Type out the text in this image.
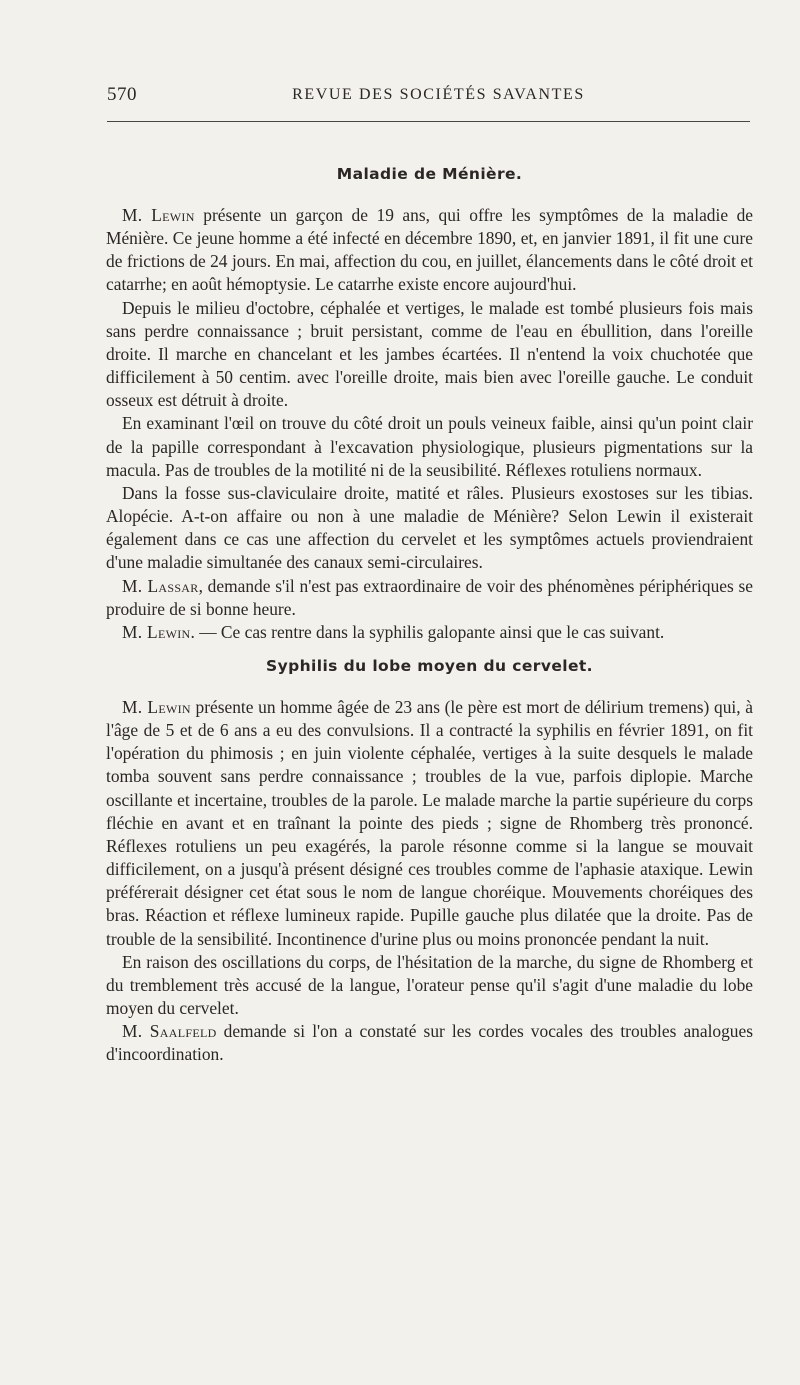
570	REVUE DES SOCIÉTÉS SAVANTES
Maladie de Ménière.

M. Lewin présente un garçon de 19 ans, qui offre les symptômes de la maladie de Ménière. Ce jeune homme a été infecté en décembre 1890, et, en janvier 1891, il fit une cure de frictions de 24 jours. En mai, affection du cou, en juillet, élancements dans le côté droit et catarrhe; en août hémoptysie. Le catarrhe existe encore aujourd'hui.

Depuis le milieu d'octobre, céphalée et vertiges, le malade est tombé plusieurs fois mais sans perdre connaissance ; bruit persistant, comme de l'eau en ébullition, dans l'oreille droite. Il marche en chancelant et les jambes écartées. Il n'entend la voix chuchotée que difficilement à 50 centim. avec l'oreille droite, mais bien avec l'oreille gauche. Le conduit osseux est détruit à droite.

En examinant l'œil on trouve du côté droit un pouls veineux faible, ainsi qu'un point clair de la papille correspondant à l'excavation physiologique, plusieurs pigmentations sur la macula. Pas de troubles de la motilité ni de la seusibilité. Réflexes rotuliens normaux.

Dans la fosse sus-claviculaire droite, matité et râles. Plusieurs exostoses sur les tibias. Alopécie. A-t-on affaire ou non à une maladie de Ménière? Selon Lewin il existerait également dans ce cas une affection du cervelet et les symptômes actuels proviendraient d'une maladie simultanée des canaux semi-circulaires.

M. Lassar, demande s'il n'est pas extraordinaire de voir des phénomènes périphériques se produire de si bonne heure.

M. Lewin. — Ce cas rentre dans la syphilis galopante ainsi que le cas suivant.

Syphilis du lobe moyen du cervelet.

M. Lewin présente un homme âgée de 23 ans (le père est mort de délirium tremens) qui, à l'âge de 5 et de 6 ans a eu des convulsions. Il a contracté la syphilis en février 1891, on fit l'opération du phimosis ; en juin violente céphalée, vertiges à la suite desquels le malade tomba souvent sans perdre connaissance ; troubles de la vue, parfois diplopie. Marche oscillante et incertaine, troubles de la parole. Le malade marche la partie supérieure du corps fléchie en avant et en traînant la pointe des pieds ; signe de Rhomberg très prononcé. Réflexes rotuliens un peu exagérés, la parole résonne comme si la langue se mouvait difficilement, on a jusqu'à présent désigné ces troubles comme de l'aphasie ataxique. Lewin préférerait désigner cet état sous le nom de langue choréique. Mouvements choréiques des bras. Réaction et réflexe lumineux rapide. Pupille gauche plus dilatée que la droite. Pas de trouble de la sensibilité. Incontinence d'urine plus ou moins prononcée pendant la nuit.

En raison des oscillations du corps, de l'hésitation de la marche, du signe de Rhomberg et du tremblement très accusé de la langue, l'orateur pense qu'il s'agit d'une maladie du lobe moyen du cervelet.

M. Saalfeld demande si l'on a constaté sur les cordes vocales des troubles analogues d'incoordination.
